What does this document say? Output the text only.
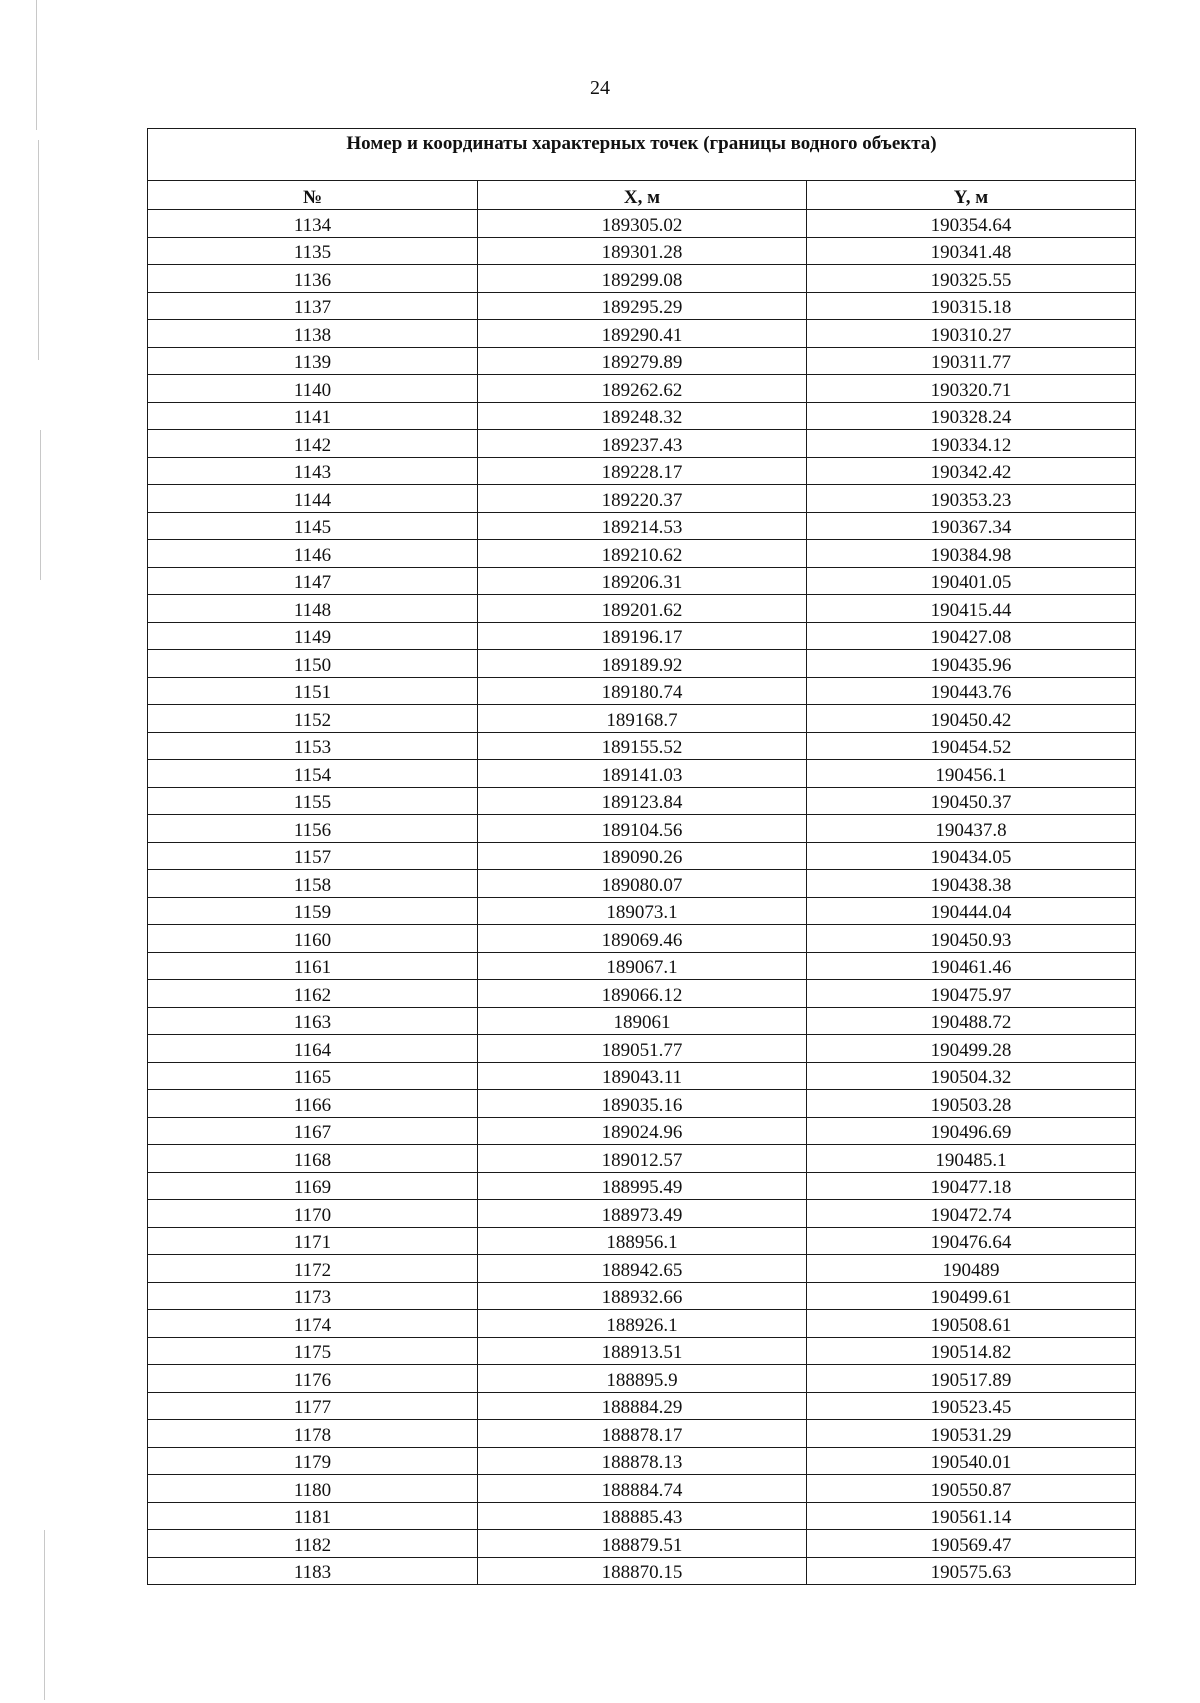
24
Номер и координаты характерных точек (границы водного объекта)		
№	X, м	Y, м
1134	189305.02	190354.64
1135	189301.28	190341.48
1136	189299.08	190325.55
1137	189295.29	190315.18
1138	189290.41	190310.27
1139	189279.89	190311.77
1140	189262.62	190320.71
1141	189248.32	190328.24
1142	189237.43	190334.12
1143	189228.17	190342.42
1144	189220.37	190353.23
1145	189214.53	190367.34
1146	189210.62	190384.98
1147	189206.31	190401.05
1148	189201.62	190415.44
1149	189196.17	190427.08
1150	189189.92	190435.96
1151	189180.74	190443.76
1152	189168.7	190450.42
1153	189155.52	190454.52
1154	189141.03	190456.1
1155	189123.84	190450.37
1156	189104.56	190437.8
1157	189090.26	190434.05
1158	189080.07	190438.38
1159	189073.1	190444.04
1160	189069.46	190450.93
1161	189067.1	190461.46
1162	189066.12	190475.97
1163	189061	190488.72
1164	189051.77	190499.28
1165	189043.11	190504.32
1166	189035.16	190503.28
1167	189024.96	190496.69
1168	189012.57	190485.1
1169	188995.49	190477.18
1170	188973.49	190472.74
1171	188956.1	190476.64
1172	188942.65	190489
1173	188932.66	190499.61
1174	188926.1	190508.61
1175	188913.51	190514.82
1176	188895.9	190517.89
1177	188884.29	190523.45
1178	188878.17	190531.29
1179	188878.13	190540.01
1180	188884.74	190550.87
1181	188885.43	190561.14
1182	188879.51	190569.47
1183	188870.15	190575.63
